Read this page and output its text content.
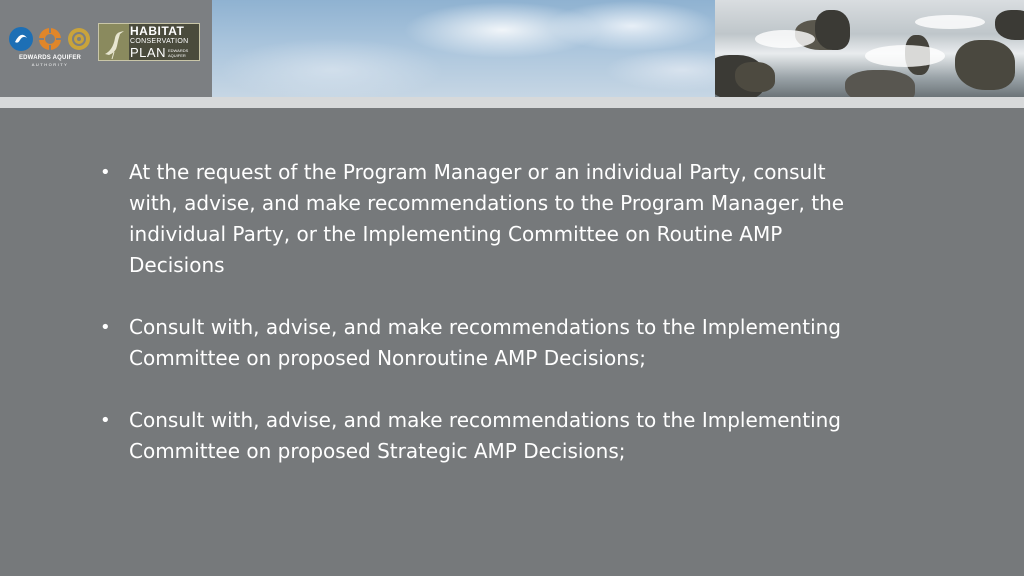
EDWARDS AQUIFER
AUTHORITY
HABITAT
CONSERVATION
PLAN EDWARDS
AQUIFER
• At the request of the Program Manager or an individual Party, consult with, advise, and make recommendations to the Program Manager, the individual Party, or the Implementing Committee on Routine AMP Decisions
• Consult with, advise, and make recommendations to the Implementing Committee on proposed Nonroutine AMP Decisions;
• Consult with, advise, and make recommendations to the Implementing Committee on proposed Strategic AMP Decisions;
